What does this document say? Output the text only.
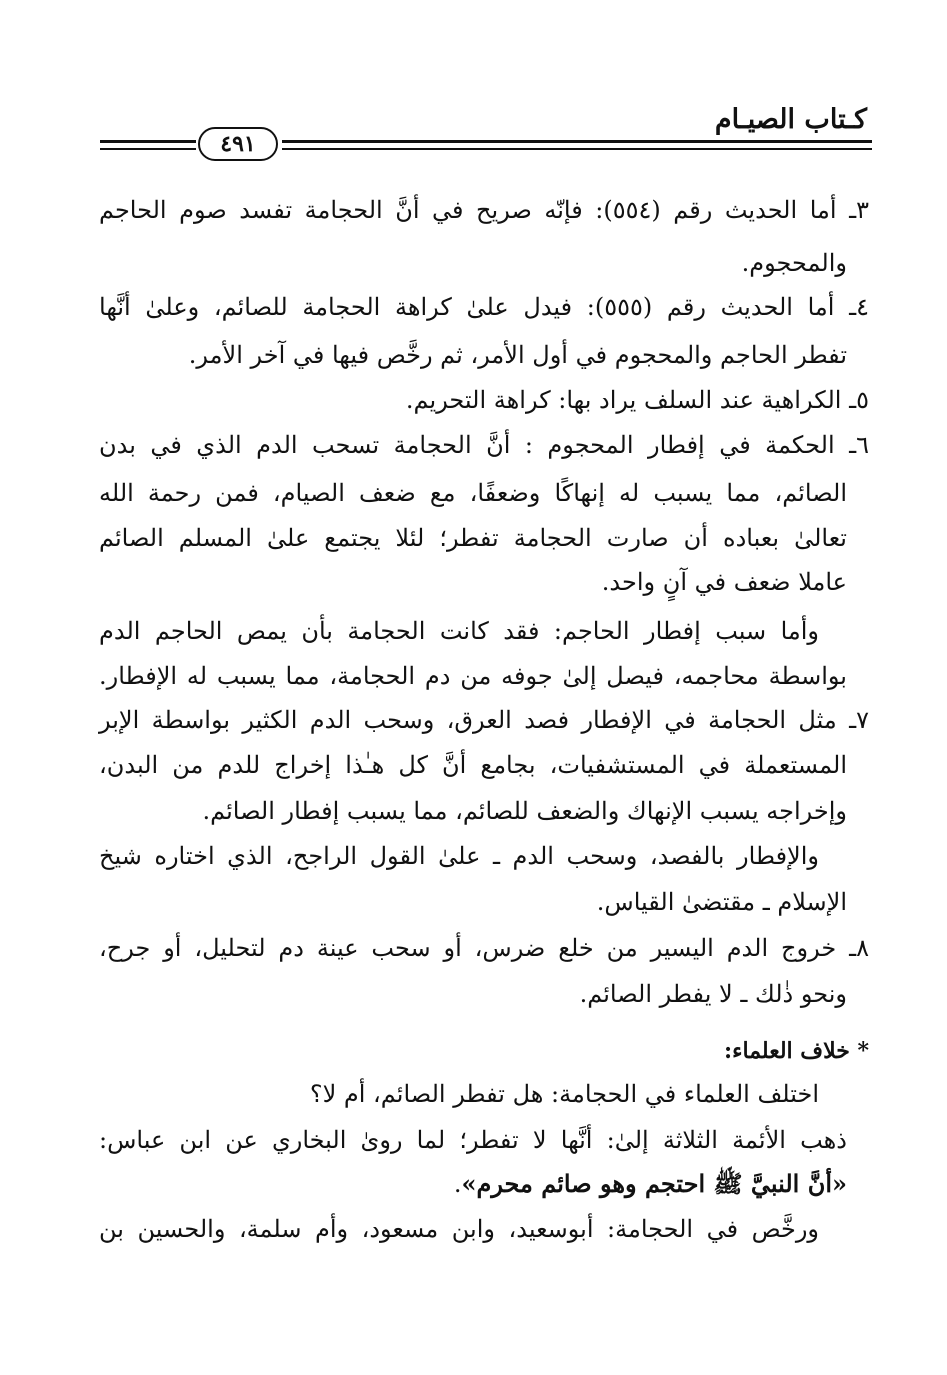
كـتاب الصيـام
٤٩١

٣ـ أما الحديث رقم (٥٥٤): فإنّه صريح في أنَّ الحجامة تفسد صوم الحاجم

والمحجوم.

٤ـ أما الحديث رقم (٥٥٥): فيدل علىٰ كراهة الحجامة للصائم، وعلىٰ أنَّها

تفطر الحاجم والمحجوم في أول الأمر، ثم رخَّص فيها في آخر الأمر.

٥ـ الكراهية عند السلف يراد بها: كراهة التحريم.

٦ـ الحكمة في إفطار المحجوم : أنَّ الحجامة تسحب الدم الذي في بدن

الصائم، مما يسبب له إنهاكًا وضعفًا، مع ضعف الصيام، فمن رحمة الله

تعالىٰ بعباده أن صارت الحجامة تفطر؛ لئلا يجتمع علىٰ المسلم الصائم

عاملا ضعف في آنٍ واحد.

وأما سبب إفطار الحاجم: فقد كانت الحجامة بأن يمص الحاجم الدم

بواسطة محاجمه، فيصل إلىٰ جوفه من دم الحجامة، مما يسبب له الإفطار.

٧ـ مثل الحجامة في الإفطار فصد العرق، وسحب الدم الكثير بواسطة الإبر

المستعملة في المستشفيات، بجامع أنَّ كل هـٰذا إخراج للدم من البدن،

وإخراجه يسبب الإنهاك والضعف للصائم، مما يسبب إفطار الصائم.

والإفطار بالفصد، وسحب الدم ـ علىٰ القول الراجح، الذي اختاره شيخ

الإسلام ـ مقتضىٰ القياس.

٨ـ خروج الدم اليسير من خلع ضرس، أو سحب عينة دم لتحليل، أو جرح،

ونحو ذٰلك ـ لا يفطر الصائم.

* خلاف العلماء:

اختلف العلماء في الحجامة: هل تفطر الصائم، أم لا؟

ذهب الأئمة الثلاثة إلىٰ: أنَّها لا تفطر؛ لما روىٰ البخاري عن ابن عباس:

«أنَّ النبيَّ ﷺ احتجم وهو صائم محرم».

ورخَّص في الحجامة: أبوسعيد، وابن مسعود، وأم سلمة، والحسين بن
